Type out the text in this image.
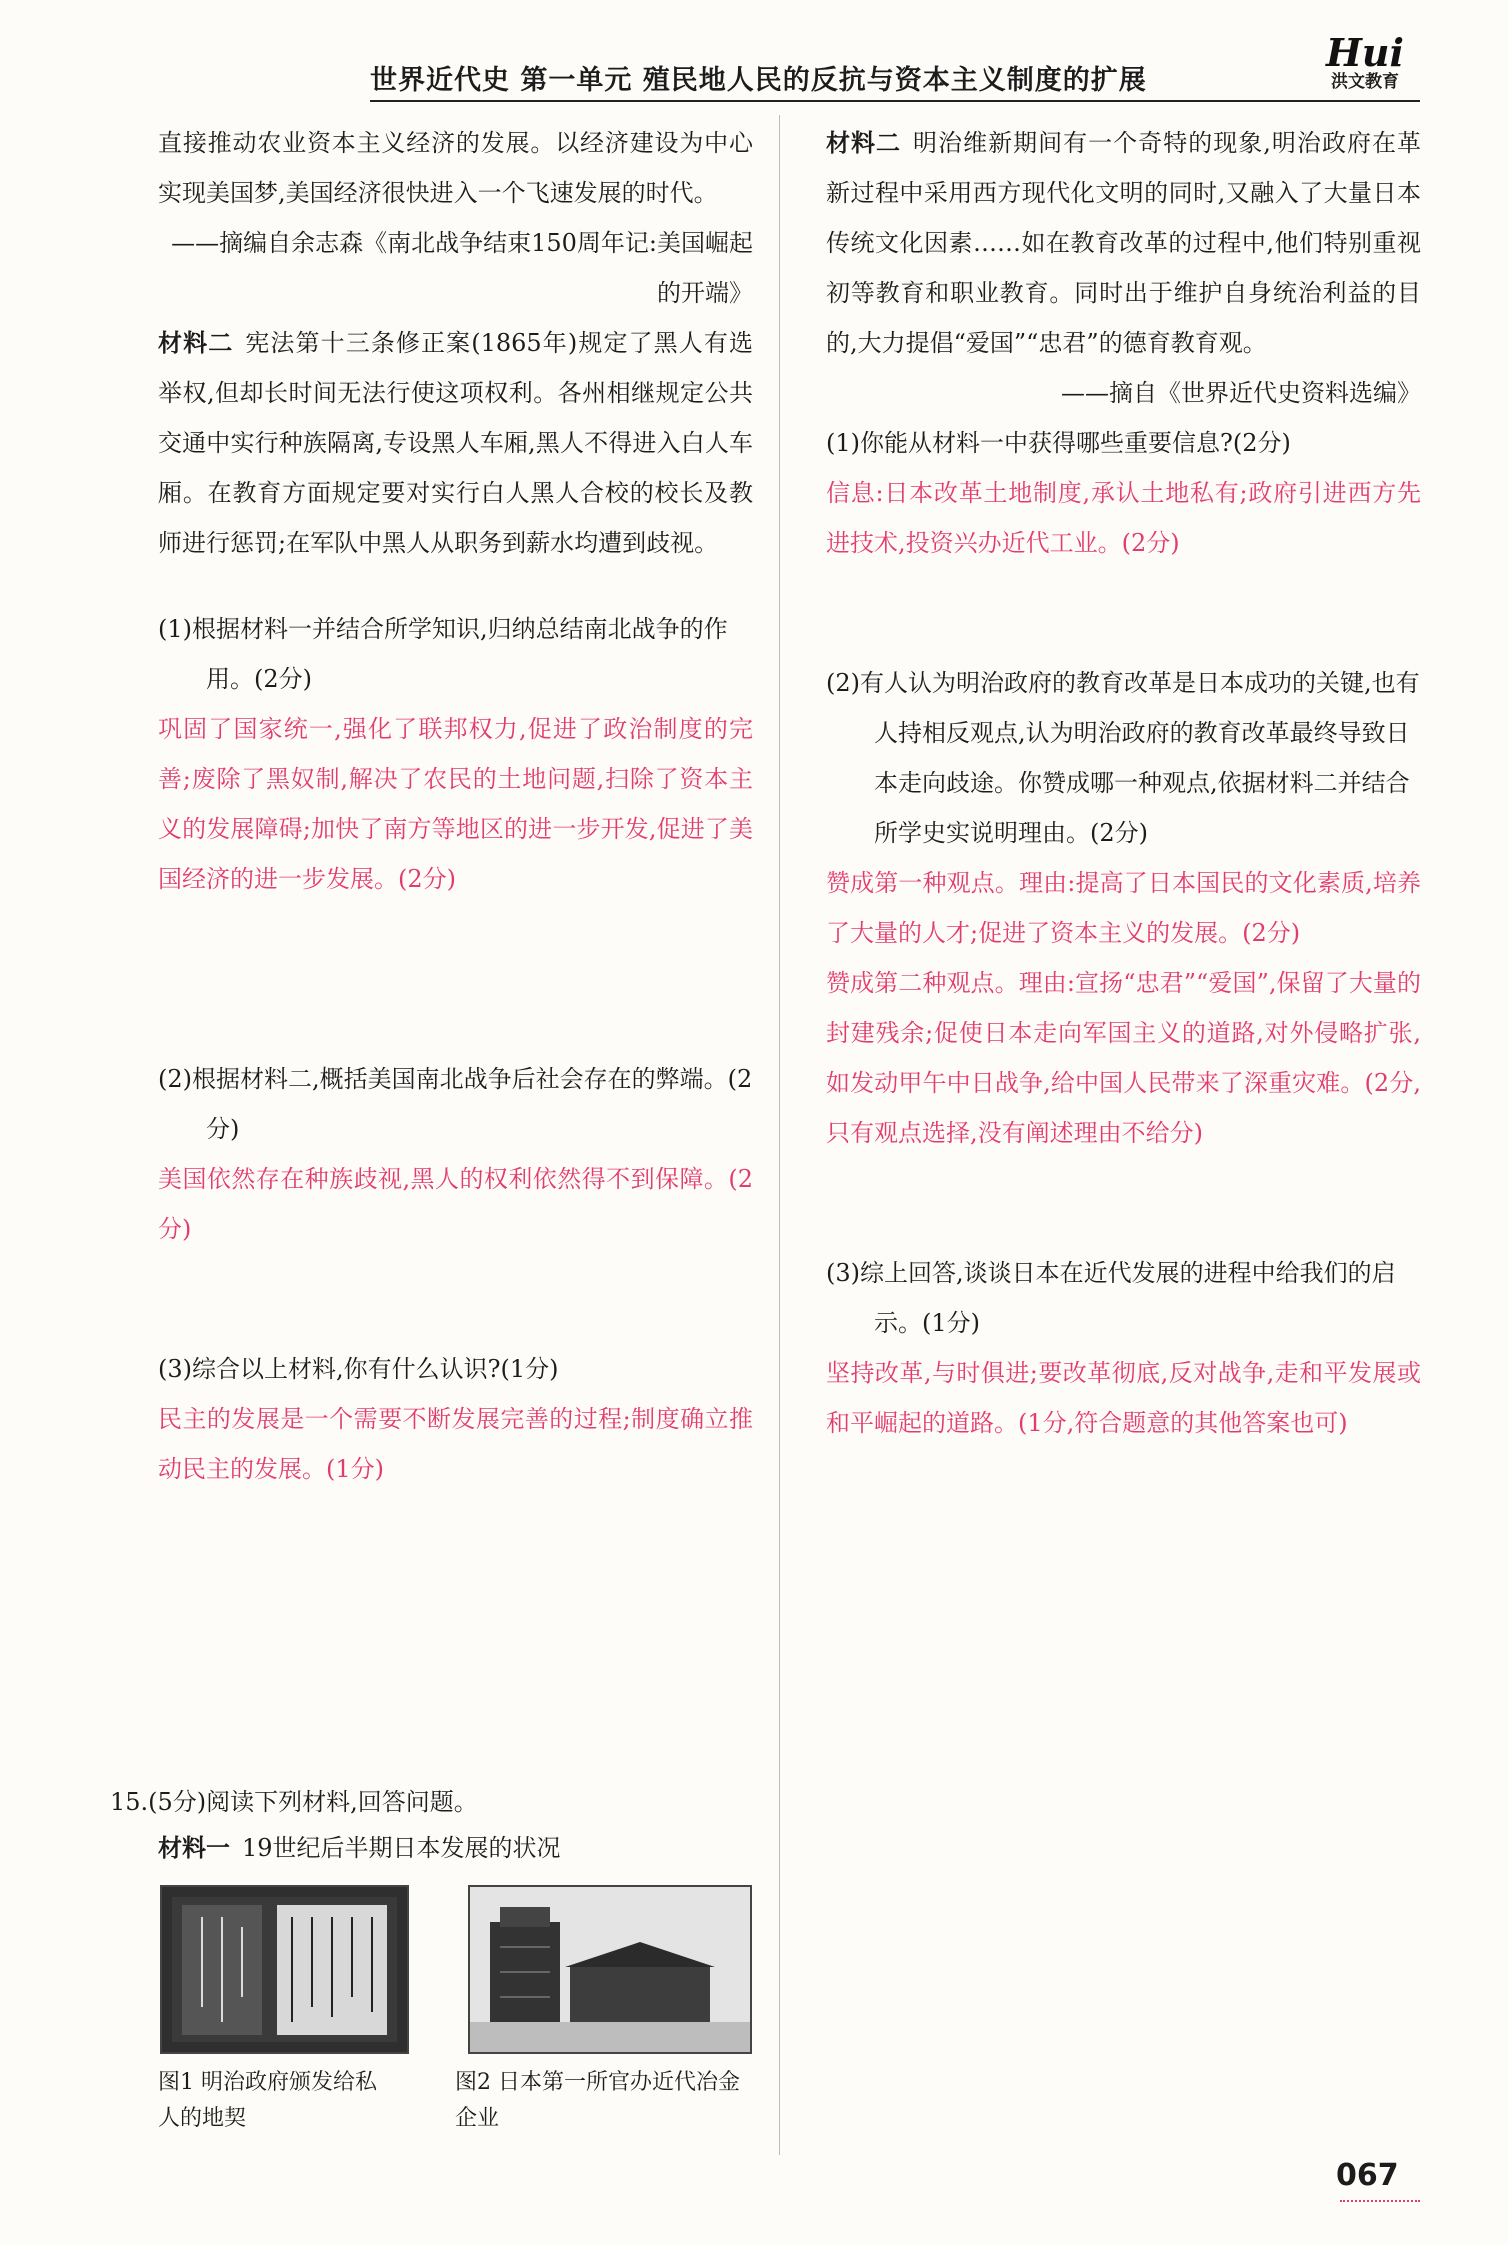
世界近代史 第一单元 殖民地人民的反抗与资本主义制度的扩展
Hui
洪文教育

直接推动农业资本主义经济的发展。以经济建设为中心实现美国梦,美国经济很快进入一个飞速发展的时代。

——摘编自余志森《南北战争结束150周年记:美国崛起的开端》

材料二 宪法第十三条修正案(1865年)规定了黑人有选举权,但却长时间无法行使这项权利。各州相继规定公共交通中实行种族隔离,专设黑人车厢,黑人不得进入白人车厢。在教育方面规定要对实行白人黑人合校的校长及教师进行惩罚;在军队中黑人从职务到薪水均遭到歧视。

(1)根据材料一并结合所学知识,归纳总结南北战争的作用。(2分)

巩固了国家统一,强化了联邦权力,促进了政治制度的完善;废除了黑奴制,解决了农民的土地问题,扫除了资本主义的发展障碍;加快了南方等地区的进一步开发,促进了美国经济的进一步发展。(2分)

(2)根据材料二,概括美国南北战争后社会存在的弊端。(2分)

美国依然存在种族歧视,黑人的权利依然得不到保障。(2分)

(3)综合以上材料,你有什么认识?(1分)

民主的发展是一个需要不断发展完善的过程;制度确立推动民主的发展。(1分)

15.(5分)阅读下列材料,回答问题。
材料一 19世纪后半期日本发展的状况
图1 明治政府颁发给私人的地契
图2 日本第一所官办近代冶金企业

材料二 明治维新期间有一个奇特的现象,明治政府在革新过程中采用西方现代化文明的同时,又融入了大量日本传统文化因素……如在教育改革的过程中,他们特别重视初等教育和职业教育。同时出于维护自身统治利益的目的,大力提倡“爱国”“忠君”的德育教育观。

——摘自《世界近代史资料选编》

(1)你能从材料一中获得哪些重要信息?(2分)

信息:日本改革土地制度,承认土地私有;政府引进西方先进技术,投资兴办近代工业。(2分)

(2)有人认为明治政府的教育改革是日本成功的关键,也有人持相反观点,认为明治政府的教育改革最终导致日本走向歧途。你赞成哪一种观点,依据材料二并结合所学史实说明理由。(2分)

赞成第一种观点。理由:提高了日本国民的文化素质,培养了大量的人才;促进了资本主义的发展。(2分)

赞成第二种观点。理由:宣扬“忠君”“爱国”,保留了大量的封建残余;促使日本走向军国主义的道路,对外侵略扩张,如发动甲午中日战争,给中国人民带来了深重灾难。(2分,只有观点选择,没有阐述理由不给分)

(3)综上回答,谈谈日本在近代发展的进程中给我们的启示。(1分)

坚持改革,与时俱进;要改革彻底,反对战争,走和平发展或和平崛起的道路。(1分,符合题意的其他答案也可)

067
